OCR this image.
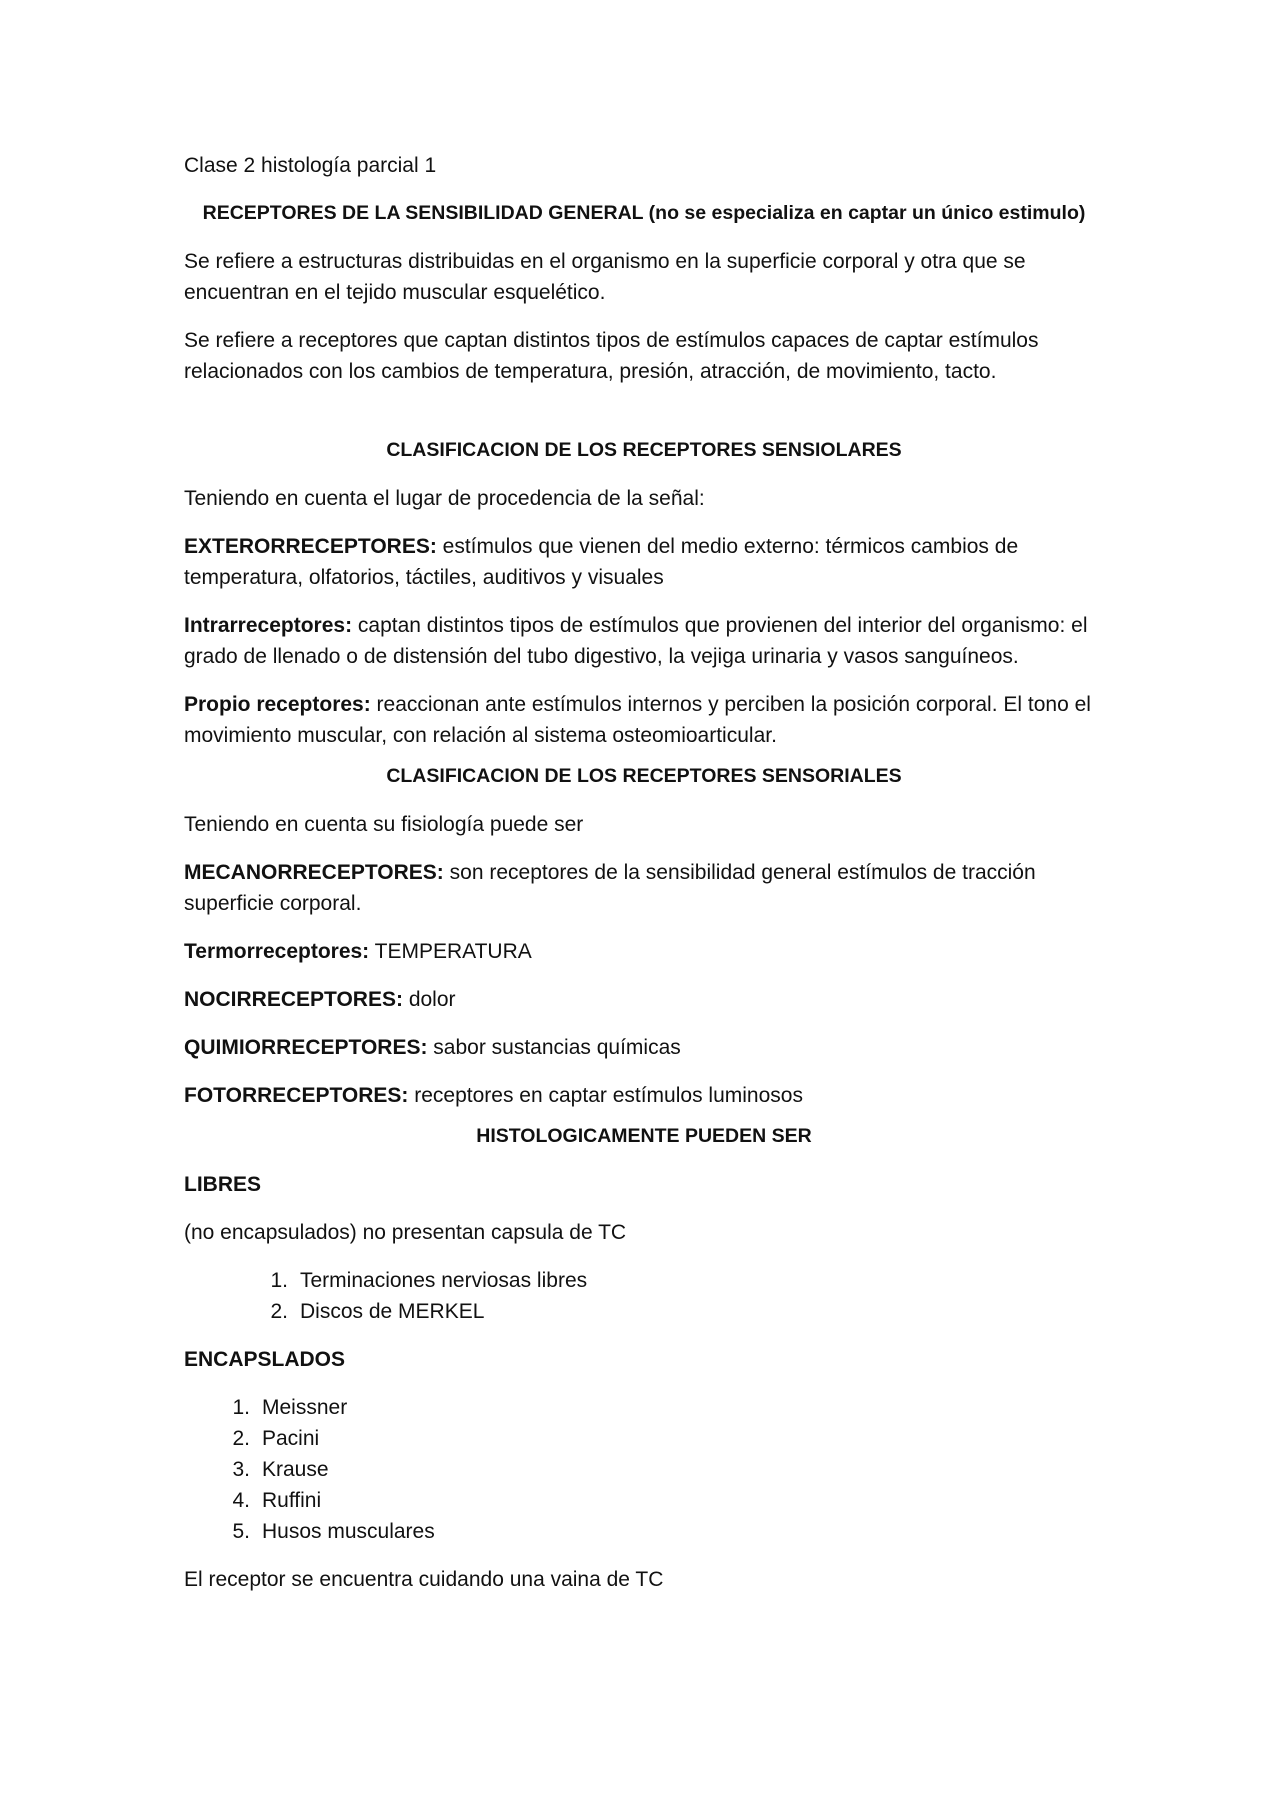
Clase 2 histología parcial 1

RECEPTORES DE LA SENSIBILIDAD GENERAL (no se especializa en captar un único estimulo)

Se refiere a estructuras distribuidas en el organismo en la superficie corporal y otra que se encuentran en el tejido muscular esquelético.

Se refiere a receptores que captan distintos tipos de estímulos capaces de captar estímulos relacionados con los cambios de temperatura, presión, atracción, de movimiento, tacto.

CLASIFICACION DE LOS RECEPTORES SENSIOLARES

Teniendo en cuenta el lugar de procedencia de la señal:

EXTERORRECEPTORES: estímulos que vienen del medio externo: térmicos cambios de temperatura, olfatorios, táctiles, auditivos y visuales

Intrarreceptores: captan distintos tipos de estímulos que provienen del interior del organismo: el grado de llenado o de distensión del tubo digestivo, la vejiga urinaria y vasos sanguíneos.

Propio receptores: reaccionan ante estímulos internos y perciben la posición corporal. El tono el movimiento muscular, con relación al sistema osteomioarticular.

CLASIFICACION DE LOS RECEPTORES SENSORIALES

Teniendo en cuenta su fisiología puede ser

MECANORRECEPTORES: son receptores de la sensibilidad general estímulos de tracción superficie corporal.

Termorreceptores: TEMPERATURA

NOCIRRECEPTORES: dolor

QUIMIORRECEPTORES: sabor sustancias químicas

FOTORRECEPTORES: receptores en captar estímulos luminosos

HISTOLOGICAMENTE PUEDEN SER

LIBRES

(no encapsulados) no presentan capsula de TC

1. Terminaciones nerviosas libres
2. Discos de MERKEL

ENCAPSLADOS

1. Meissner
2. Pacini
3. Krause
4. Ruffini
5. Husos musculares

El receptor se encuentra cuidando una vaina de TC
